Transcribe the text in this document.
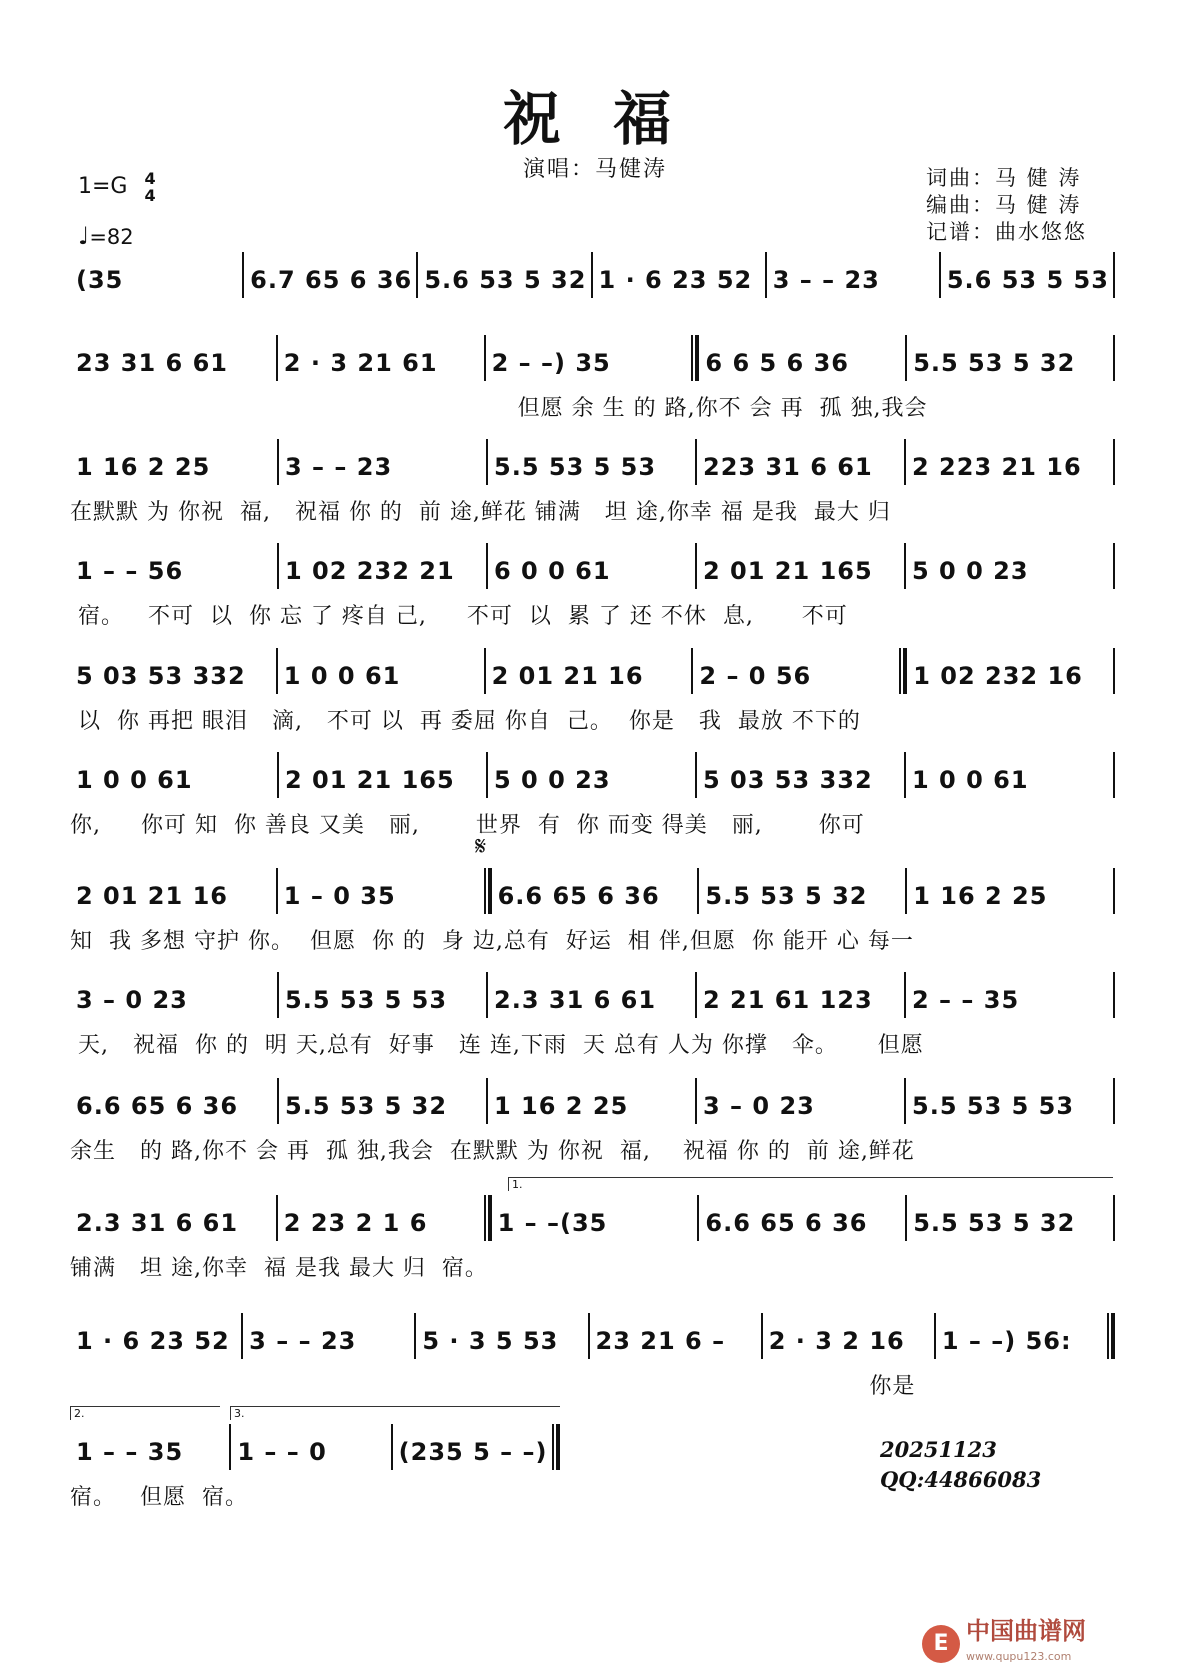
祝 福
演唱：马健涛
1=G 4
4
♩=82
词曲：马 健 涛
编曲：马 健 涛
记谱：曲水悠悠
(35	6.7 65 6 36 5.6 53 5 32 1 · 6 23 52 3 – – 23	5.6 53 5 53
23 31 6 61	2 · 3 21 61	2 – –) 35	6 6 5 6 36	5.5 53 5 32
但愿 余 生 的 路,你不 会 再  孤 独,我会
1 16 2 25	3 – – 23	5.5 53 5 53	223 31 6 61	2 223 21 16
在默默 为 你祝  福,   祝福 你 的  前 途,鲜花 铺满   坦 途,你幸 福 是我  最大 归
1 – – 56	1 02 232 21	6 0 0 61	2 01 21 165	5 0 0 23
宿。   不可  以  你 忘 了 疼自 己,     不可  以  累 了 还 不休  息,      不可
5 03 53 332	1 0 0 61	2 01 21 16	2 – 0 56	1 02 232 16
以  你 再把 眼泪   滴,   不可 以  再 委屈 你自  己。  你是   我  最放 不下的
1 0 0 61	2 01 21 165	5 0 0 23	5 03 53 332	1 0 0 61
你,     你可 知  你 善良 又美   丽,       世界  有  你 而变 得美   丽,       你可
2 01 21 16	1 – 0 35	6.6 65 6 36	5.5 53 5 32	1 16 2 25
知  我 多想 守护 你。  但愿  你 的  身 边,总有  好运  相 伴,但愿  你 能开 心 每一
𝄋
3 – 0 23	5.5 53 5 53	2.3 31 6 61	2 21 61 123	2 – – 35
天,   祝福  你 的  明 天,总有  好事   连 连,下雨  天 总有 人为 你撑   伞。     但愿
6.6 65 6 36	5.5 53 5 32	1 16 2 25	3 – 0 23	5.5 53 5 53
余生   的 路,你不 会 再  孤 独,我会  在默默 为 你祝  福,    祝福 你 的  前 途,鲜花
2.3 31 6 61	2 23 2 1 6	1 – –(35	6.6 65 6 36	5.5 53 5 32
铺满   坦 途,你幸  福 是我 最大 归  宿。
1.
1 · 6 23 52 3 – – 23	5 · 3 5 53	23 21 6 –	2 · 3 2 16	1 – –) 56:
你是
1 – – 35	1 – – 0	(235 5 – –)
宿。   但愿  宿。
2.	3.
20251123
QQ:44866083
E 中国曲谱网
www.qupu123.com
